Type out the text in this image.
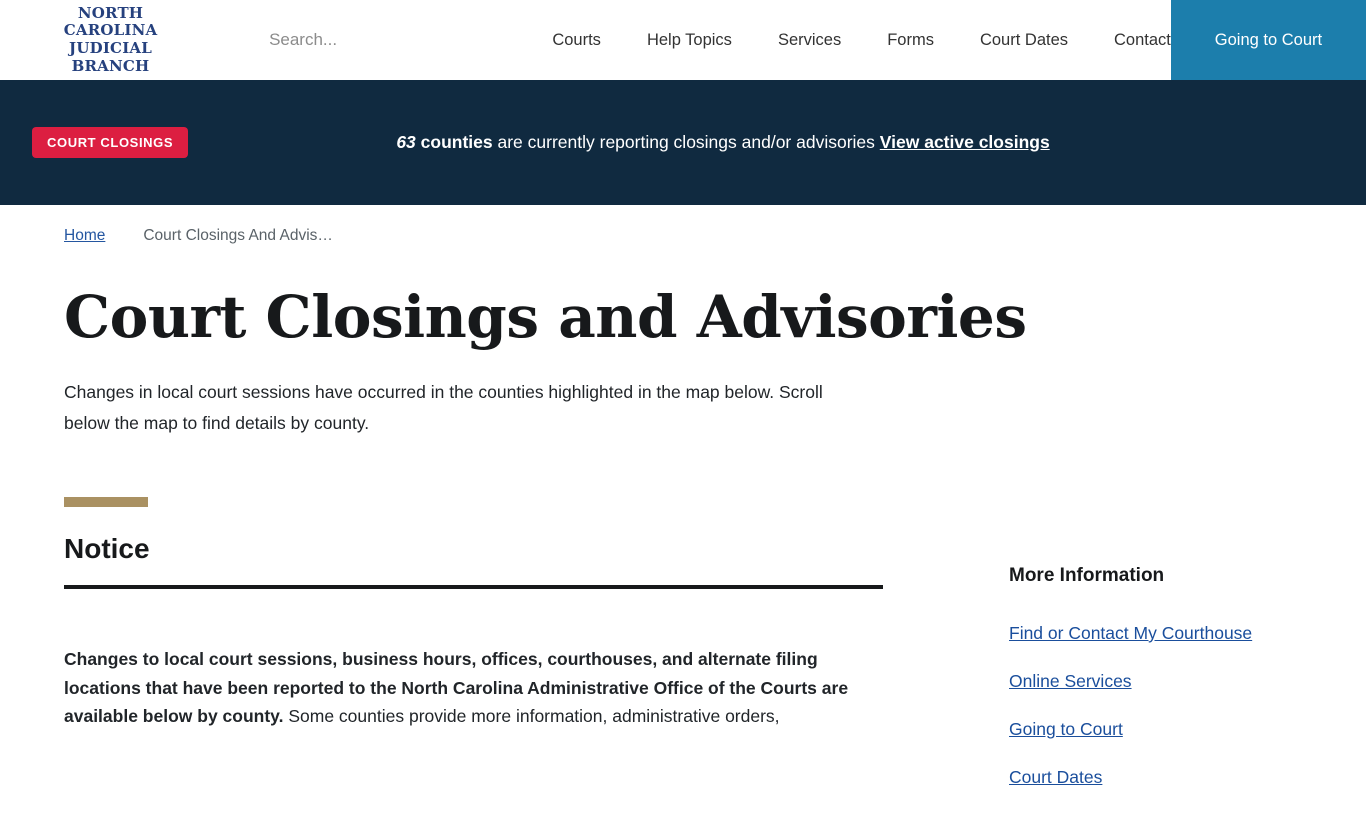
NORTH
CAROLINA
JUDICIAL
BRANCH
Search...
Courts	Help Topics	Services	Forms	Court Dates	Contact	Going to Court
63 counties are currently reporting closings and/or advisories View active closings
COURT CLOSINGS
Home Court Closings And Advis…
Court Closings and Advisories

Changes in local court sessions have occurred in the counties highlighted in the map below. Scroll below the map to find details by county.

Notice

Changes to local court sessions, business hours, offices, courthouses, and alternate filing locations that have been reported to the North Carolina Administrative Office of the Courts are available below by county. Some counties provide more information, administrative orders,

More Information
Find or Contact My Courthouse
Online Services
Going to Court
Court Dates
